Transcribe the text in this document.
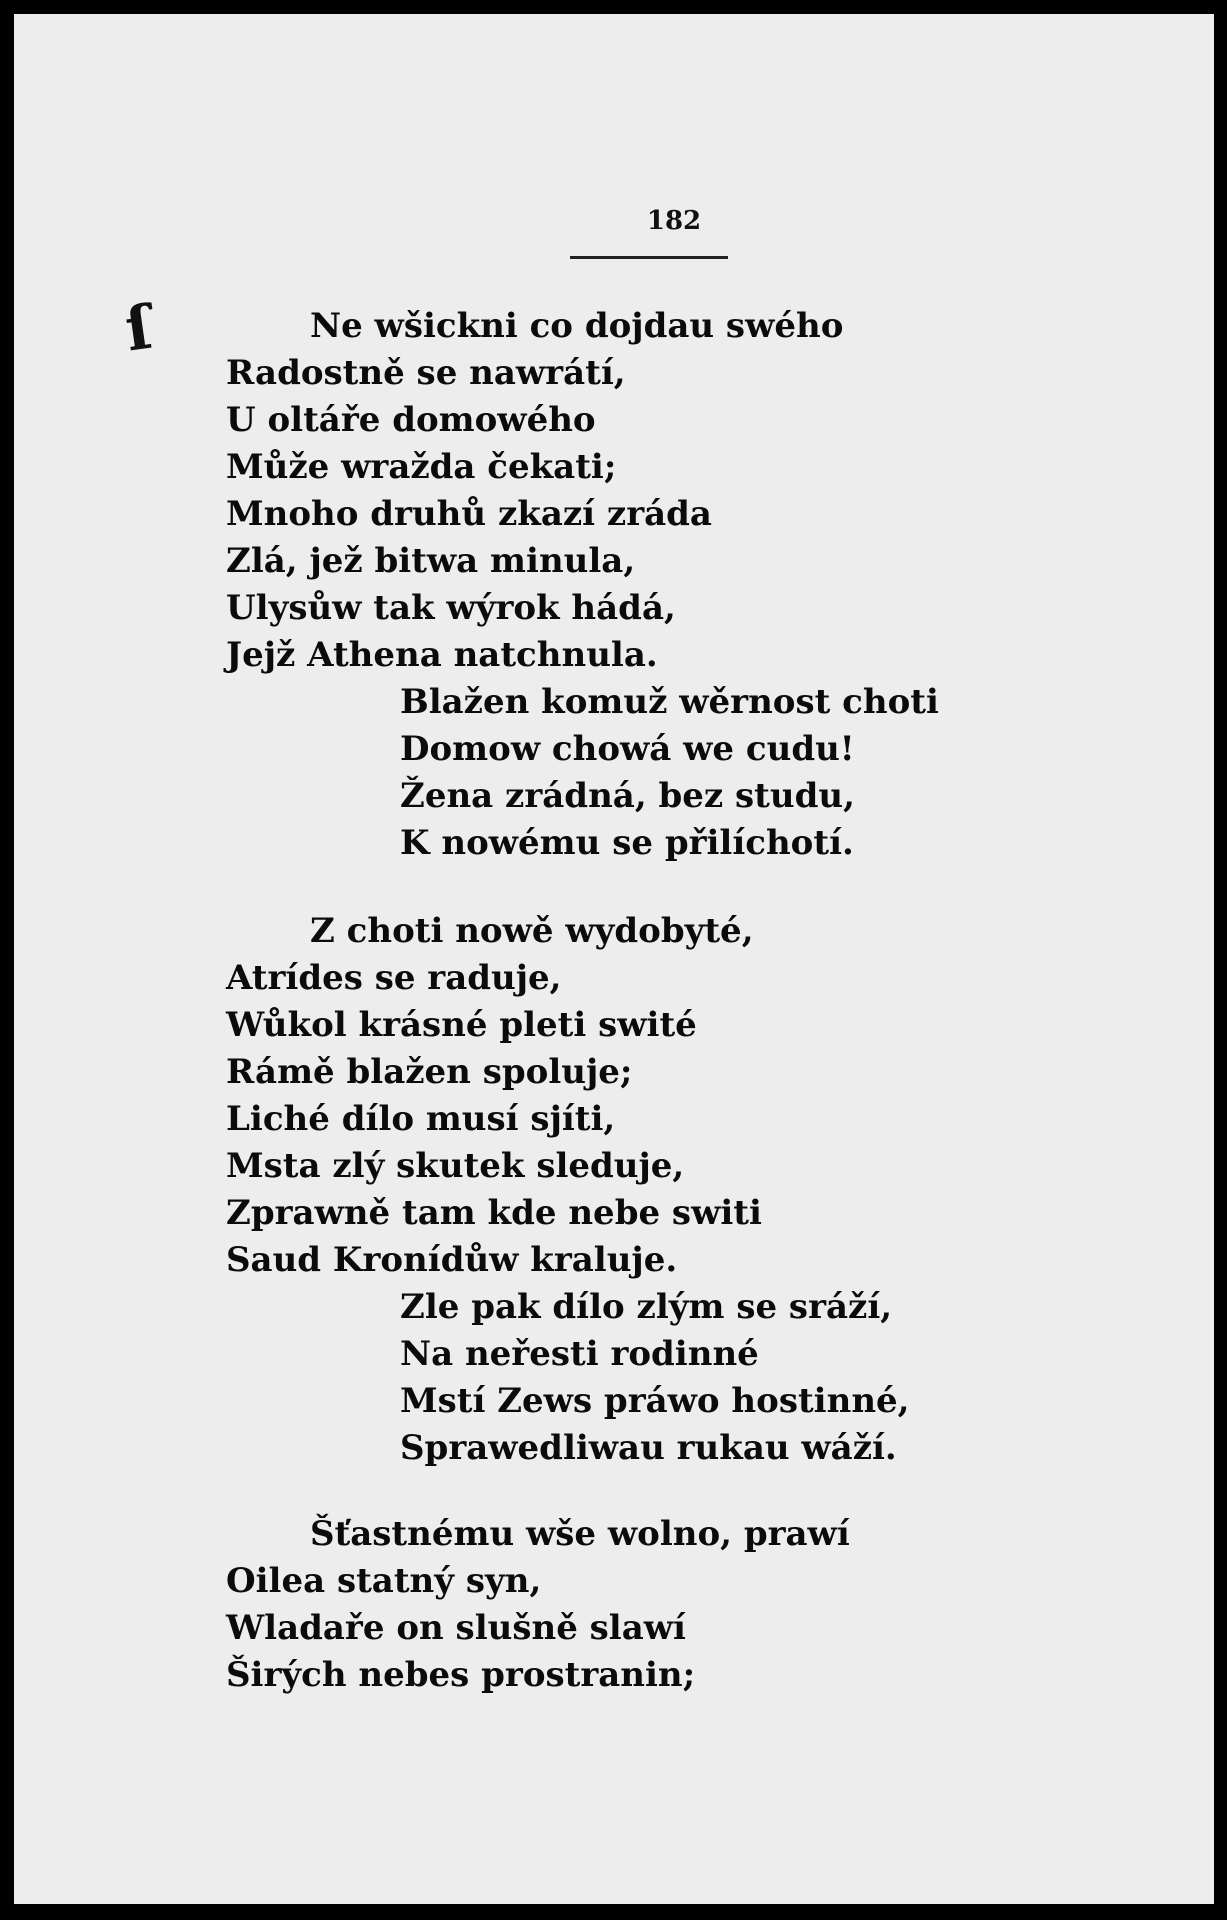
ſ
182
Ne wšickni co dojdau swého
Radostně se nawrátí,
U oltáře domowého
Může wražda čekati;
Mnoho druhů zkazí zráda
Zlá, jež bitwa minula,
Ulysůw tak wýrok hádá,
Jejž Athena natchnula.
Blažen komuž wěrnost choti
Domow chowá we cudu!
Žena zrádná, bez studu,
K nowému se přilíchotí.
Z choti nowě wydobyté,
Atrídes se raduje,
Wůkol krásné pleti swité
Rámě blažen spoluje;
Liché dílo musí sjíti,
Msta zlý skutek sleduje,
Zprawně tam kde nebe switi
Saud Kronídůw kraluje.
Zle pak dílo zlým se sráží,
Na neřesti rodinné
Mstí Zews práwo hostinné,
Sprawedliwau rukau wáží.
Šťastnému wše wolno, prawí
Oilea statný syn,
Wladaře on slušně slawí
Širých nebes prostranin;
